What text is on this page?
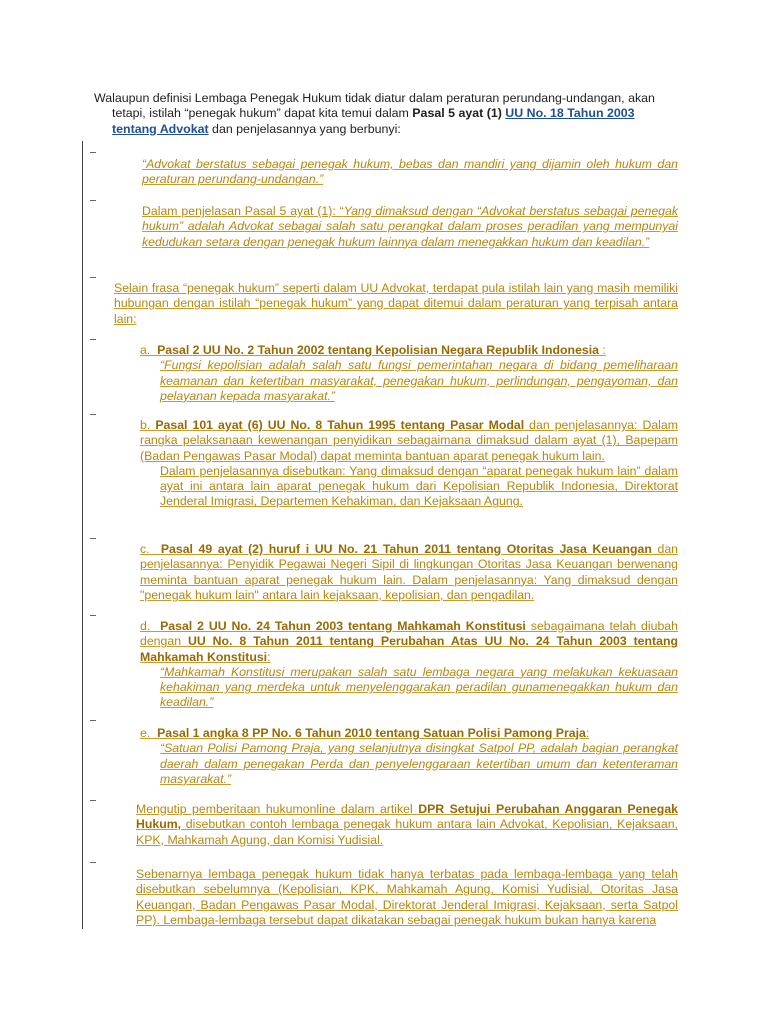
Walaupun definisi Lembaga Penegak Hukum tidak diatur dalam peraturan perundang-undangan, akan
tetapi, istilah “penegak hukum” dapat kita temui dalam Pasal 5 ayat (1) UU No. 18 Tahun 2003
tentang Advokat dan penjelasannya yang berbunyi:
“Advokat berstatus sebagai penegak hukum, bebas dan mandiri yang dijamin oleh hukum dan peraturan perundang-undangan.”
Dalam penjelasan Pasal 5 ayat (1): “Yang dimaksud dengan “Advokat berstatus sebagai penegak hukum” adalah Advokat sebagai salah satu perangkat dalam proses peradilan yang mempunyai kedudukan setara dengan penegak hukum lainnya dalam menegakkan hukum dan keadilan.”
Selain frasa “penegak hukum” seperti dalam UU Advokat, terdapat pula istilah lain yang masih memiliki hubungan dengan istilah “penegak hukum” yang dapat ditemui dalam peraturan yang terpisah antara lain:
a. Pasal 2 UU No. 2 Tahun 2002 tentang Kepolisian Negara Republik Indonesia :
“Fungsi kepolisian adalah salah satu fungsi pemerintahan negara di bidang pemeliharaan keamanan dan ketertiban masyarakat, penegakan hukum, perlindungan, pengayoman, dan pelayanan kepada masyarakat.”
b. Pasal 101 ayat (6) UU No. 8 Tahun 1995 tentang Pasar Modal dan penjelasannya: Dalam rangka pelaksanaan kewenangan penyidikan sebagaimana dimaksud dalam ayat (1), Bapepam (Badan Pengawas Pasar Modal) dapat meminta bantuan aparat penegak hukum lain.
Dalam penjelasannya disebutkan: Yang dimaksud dengan “aparat penegak hukum lain” dalam ayat ini antara lain aparat penegak hukum dari Kepolisian Republik Indonesia, Direktorat Jenderal Imigrasi, Departemen Kehakiman, dan Kejaksaan Agung.
c. Pasal 49 ayat (2) huruf i UU No. 21 Tahun 2011 tentang Otoritas Jasa Keuangan dan penjelasannya: Penyidik Pegawai Negeri Sipil di lingkungan Otoritas Jasa Keuangan berwenang meminta bantuan aparat penegak hukum lain. Dalam penjelasannya: Yang dimaksud dengan "penegak hukum lain" antara lain kejaksaan, kepolisian, dan pengadilan.
d. Pasal 2 UU No. 24 Tahun 2003 tentang Mahkamah Konstitusi sebagaimana telah diubah dengan UU No. 8 Tahun 2011 tentang Perubahan Atas UU No. 24 Tahun 2003 tentang Mahkamah Konstitusi:
“Mahkamah Konstitusi merupakan salah satu lembaga negara yang melakukan kekuasaan kehakiman yang merdeka untuk menyelenggarakan peradilan gunamenegakkan hukum dan keadilan.”
e. Pasal 1 angka 8 PP No. 6 Tahun 2010 tentang Satuan Polisi Pamong Praja:
“Satuan Polisi Pamong Praja, yang selanjutnya disingkat Satpol PP, adalah bagian perangkat daerah dalam penegakan Perda dan penyelenggaraan ketertiban umum dan ketenteraman masyarakat.”
Mengutip pemberitaan hukumonline dalam artikel DPR Setujui Perubahan Anggaran Penegak Hukum, disebutkan contoh lembaga penegak hukum antara lain Advokat, Kepolisian, Kejaksaan, KPK, Mahkamah Agung, dan Komisi Yudisial.
Sebenarnya lembaga penegak hukum tidak hanya terbatas pada lembaga-lembaga yang telah disebutkan sebelumnya (Kepolisian, KPK, Mahkamah Agung, Komisi Yudisial, Otoritas Jasa Keuangan, Badan Pengawas Pasar Modal, Direktorat Jenderal Imigrasi, Kejaksaan, serta Satpol PP). Lembaga-lembaga tersebut dapat dikatakan sebagai penegak hukum bukan hanya karena
